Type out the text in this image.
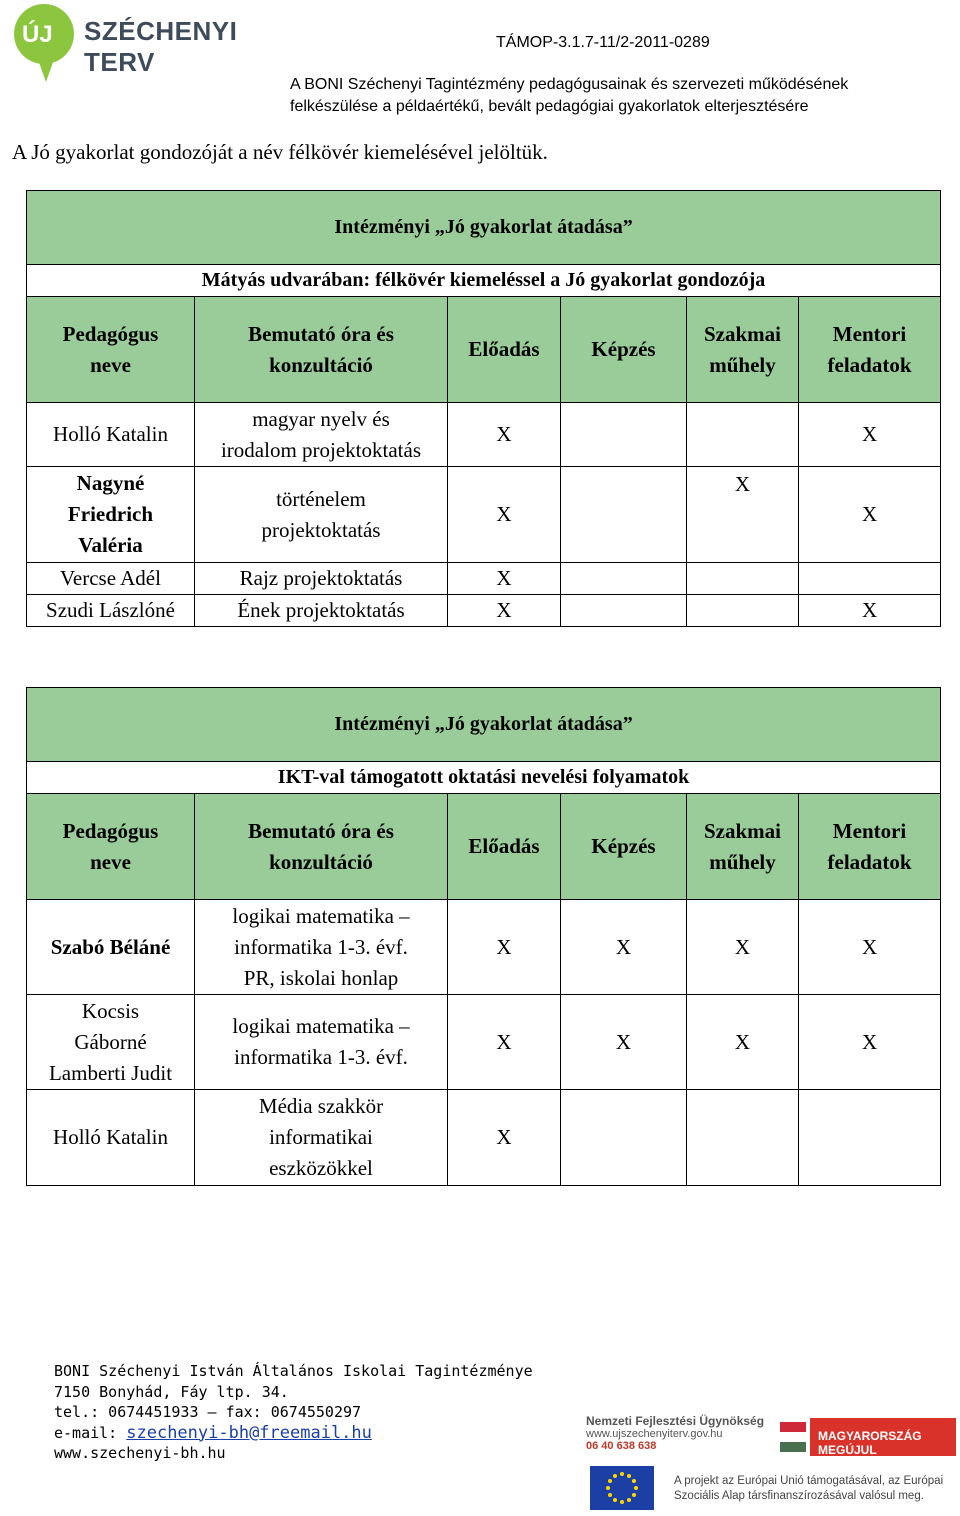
ÚJ SZÉCHENYI TERV
TÁMOP-3.1.7-11/2-2011-0289
A BONI Széchenyi Tagintézmény pedagógusainak és szervezeti működésének
felkészülése a példaértékű, bevált pedagógiai gyakorlatok elterjesztésére
A Jó gyakorlat gondozóját a név félkövér kiemelésével jelöltük.
Intézményi „Jó gyakorlat átadása”					
Mátyás udvarában: félkövér kiemeléssel a Jó gyakorlat gondozója					
Pedagógus
neve	Bemutató óra és
konzultáció	Előadás	Képzés	Szakmai
műhely	Mentori
feladatok
Holló Katalin	magyar nyelv és
irodalom projektoktatás	X			X
Nagyné
Friedrich
Valéria	történelem
projektoktatás	X		X	X
Vercse Adél	Rajz projektoktatás	X			
Szudi Lászlóné	Ének projektoktatás	X			X
Intézményi „Jó gyakorlat átadása”					
IKT-val támogatott oktatási nevelési folyamatok					
Pedagógus
neve	Bemutató óra és
konzultáció	Előadás	Képzés	Szakmai
műhely	Mentori
feladatok
Szabó Béláné	logikai matematika –
informatika 1-3. évf.
PR, iskolai honlap	X	X	X	X
Kocsis
Gáborné
Lamberti Judit	logikai matematika –
informatika 1-3. évf.	X	X	X	X
Holló Katalin	Média szakkör
informatikai
eszközökkel	X			
BONI Széchenyi István Általános Iskolai Tagintézménye
7150 Bonyhád, Fáy ltp. 34.
tel.: 0674451933 – fax: 0674550297
e-mail: szechenyi-bh@freemail.hu
www.szechenyi-bh.hu
Nemzeti Fejlesztési Ügynökség
www.ujszechenyiterv.gov.hu
06 40 638 638
MAGYARORSZÁG MEGÚJUL
A projekt az Európai Unió támogatásával, az Európai
Szociális Alap társfinanszírozásával valósul meg.
